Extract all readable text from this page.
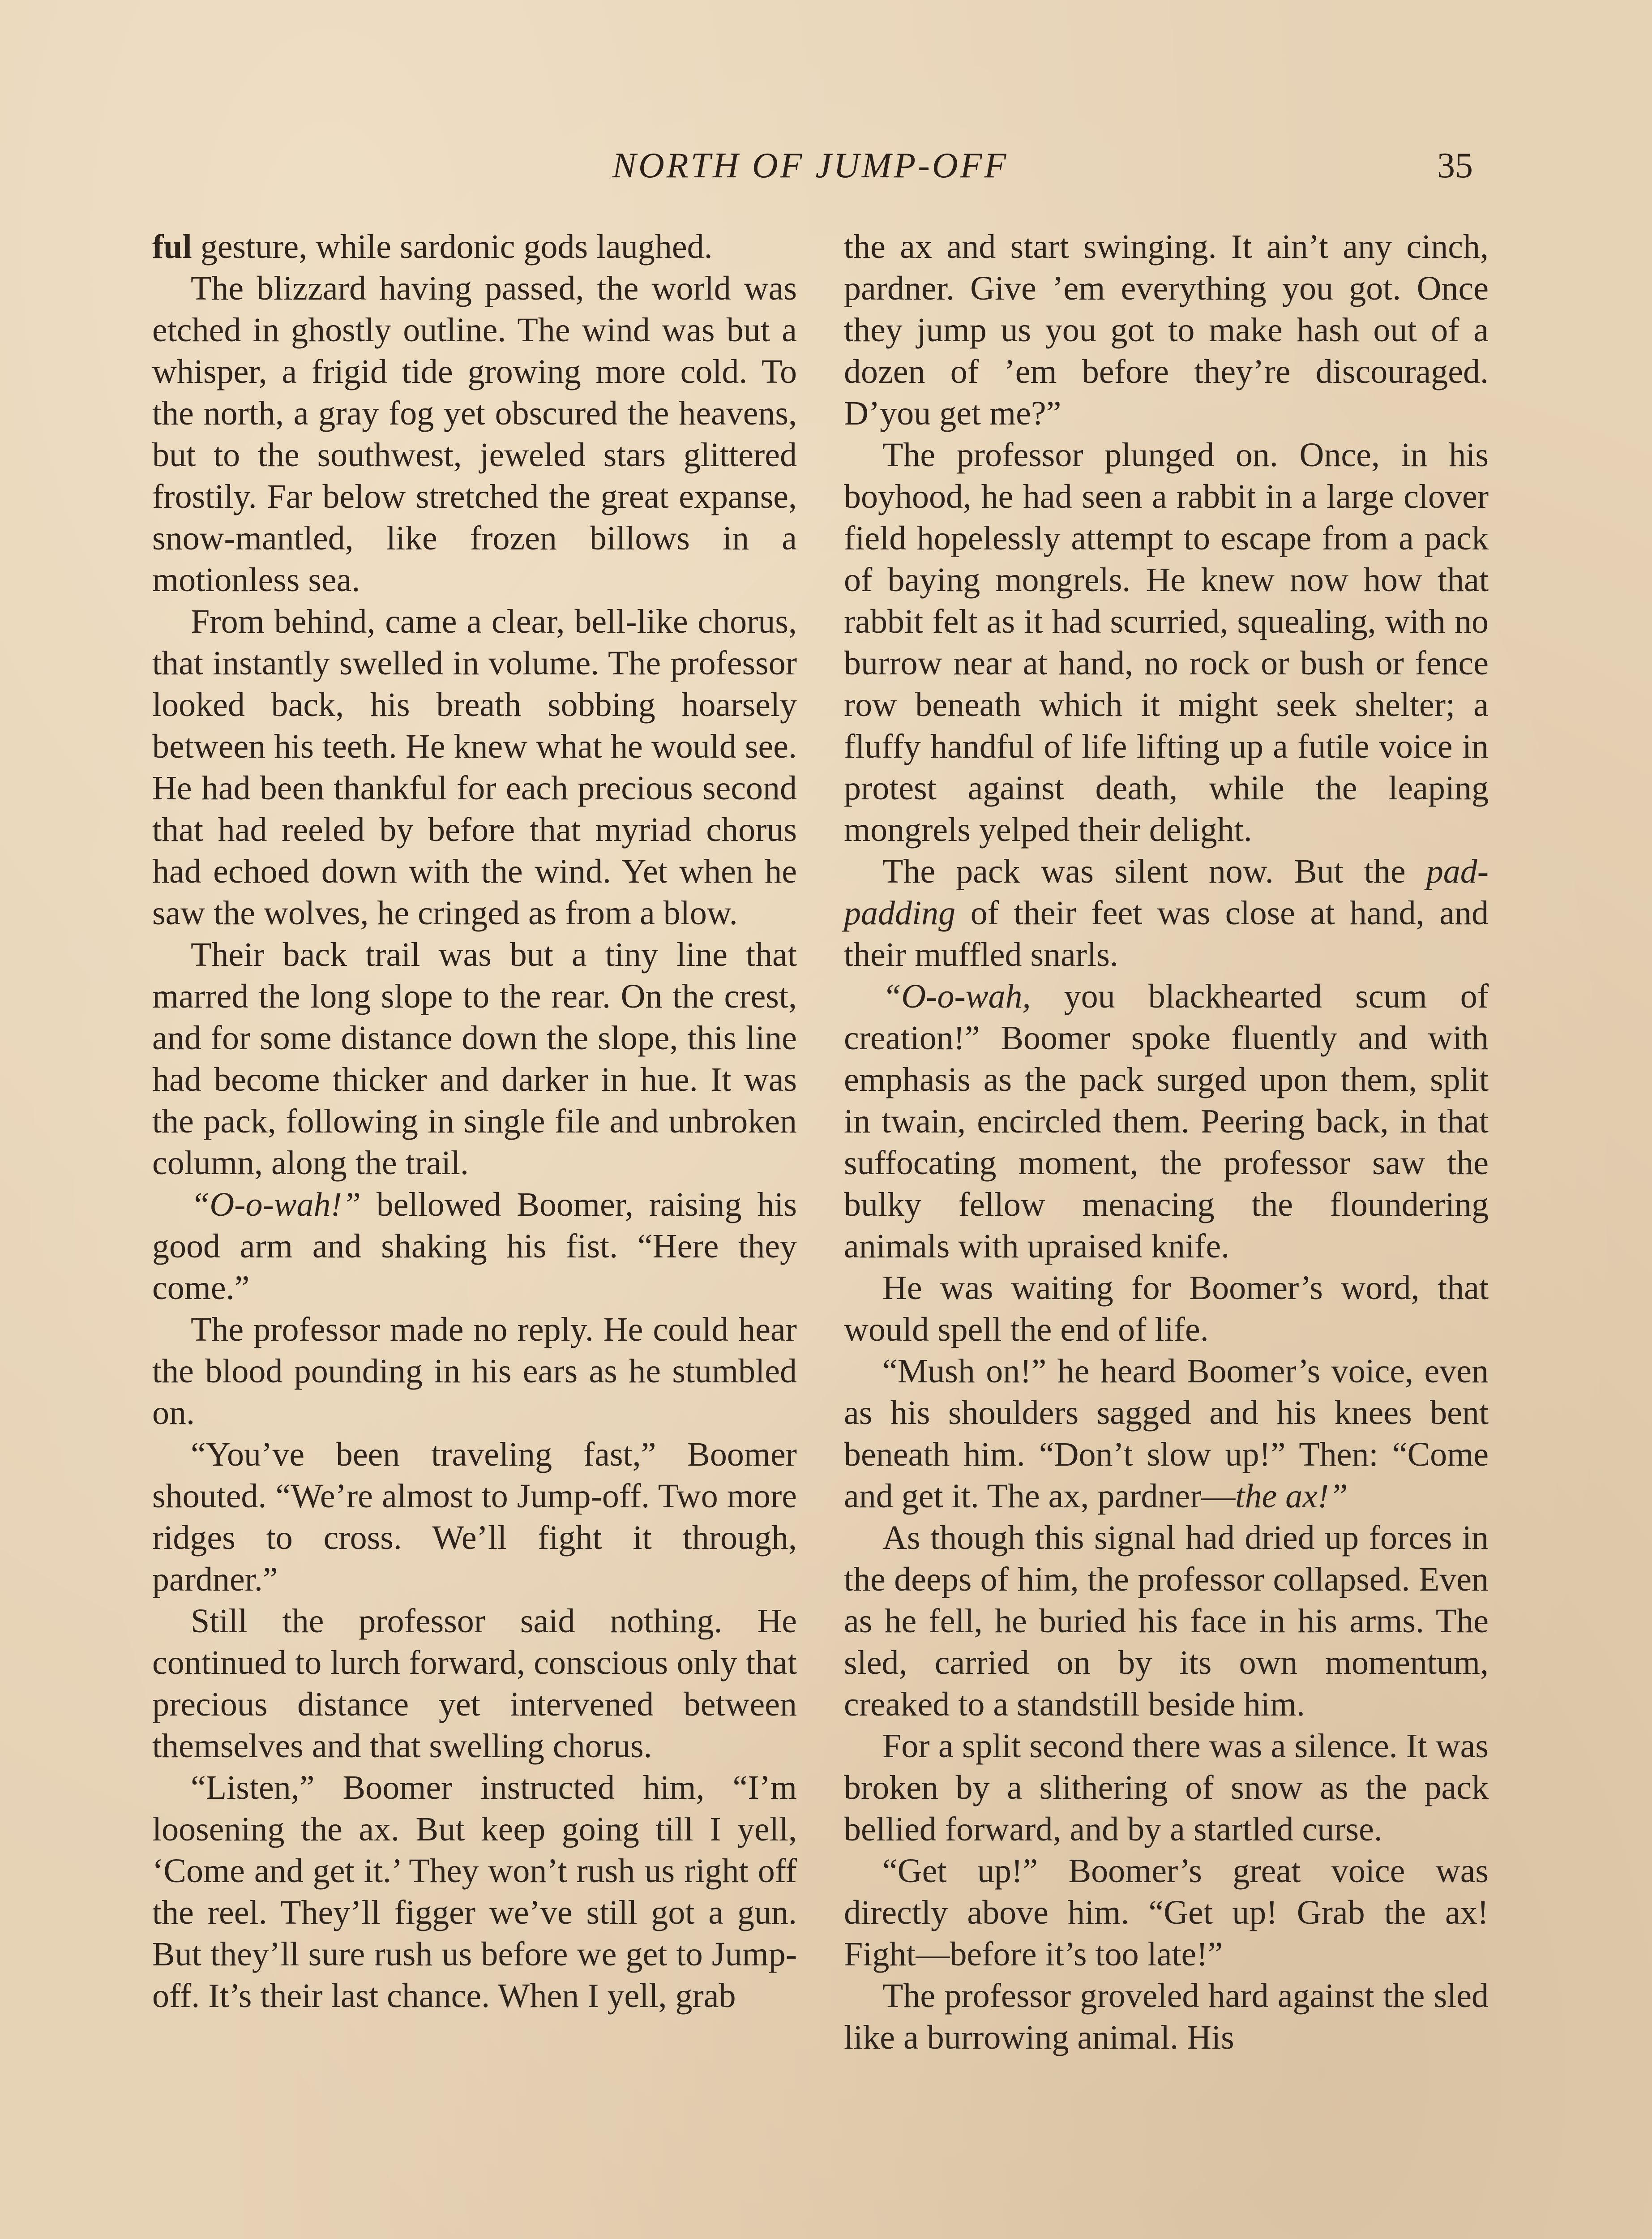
NORTH OF JUMP-OFF	35

ful gesture, while sardonic gods laughed.

The blizzard having passed, the world was etched in ghostly outline. The wind was but a whisper, a frigid tide growing more cold. To the north, a gray fog yet obscured the heavens, but to the southwest, jeweled stars glittered frostily. Far below stretched the great expanse, snow-mantled, like frozen billows in a motionless sea.

From behind, came a clear, bell-like chorus, that instantly swelled in volume. The professor looked back, his breath sobbing hoarsely between his teeth. He knew what he would see. He had been thankful for each precious second that had reeled by before that myriad chorus had echoed down with the wind. Yet when he saw the wolves, he cringed as from a blow.

Their back trail was but a tiny line that marred the long slope to the rear. On the crest, and for some distance down the slope, this line had become thicker and darker in hue. It was the pack, following in single file and unbroken column, along the trail.

“O-o-wah!” bellowed Boomer, raising his good arm and shaking his fist. “Here they come.”

The professor made no reply. He could hear the blood pounding in his ears as he stumbled on.

“You’ve been traveling fast,” Boomer shouted. “We’re almost to Jump-off. Two more ridges to cross. We’ll fight it through, pardner.”

Still the professor said nothing. He continued to lurch forward, conscious only that precious distance yet intervened between themselves and that swelling chorus.

“Listen,” Boomer instructed him, “I’m loosening the ax. But keep going till I yell, ‘Come and get it.’ They won’t rush us right off the reel. They’ll figger we’ve still got a gun. But they’ll sure rush us before we get to Jump-off. It’s their last chance. When I yell, grab

the ax and start swinging. It ain’t any cinch, pardner. Give ’em everything you got. Once they jump us you got to make hash out of a dozen of ’em before they’re discouraged. D’you get me?”

The professor plunged on. Once, in his boyhood, he had seen a rabbit in a large clover field hopelessly attempt to escape from a pack of baying mongrels. He knew now how that rabbit felt as it had scurried, squealing, with no burrow near at hand, no rock or bush or fence row beneath which it might seek shelter; a fluffy handful of life lifting up a futile voice in protest against death, while the leaping mongrels yelped their delight.

The pack was silent now. But the pad-padding of their feet was close at hand, and their muffled snarls.

“O-o-wah, you blackhearted scum of creation!” Boomer spoke fluently and with emphasis as the pack surged upon them, split in twain, encircled them. Peering back, in that suffocating moment, the professor saw the bulky fellow menacing the floundering animals with upraised knife.

He was waiting for Boomer’s word, that would spell the end of life.

“Mush on!” he heard Boomer’s voice, even as his shoulders sagged and his knees bent beneath him. “Don’t slow up!” Then: “Come and get it. The ax, pardner—the ax!”

As though this signal had dried up forces in the deeps of him, the professor collapsed. Even as he fell, he buried his face in his arms. The sled, carried on by its own momentum, creaked to a standstill beside him.

For a split second there was a silence. It was broken by a slithering of snow as the pack bellied forward, and by a startled curse.

“Get up!” Boomer’s great voice was directly above him. “Get up! Grab the ax! Fight—before it’s too late!”

The professor groveled hard against the sled like a burrowing animal. His
